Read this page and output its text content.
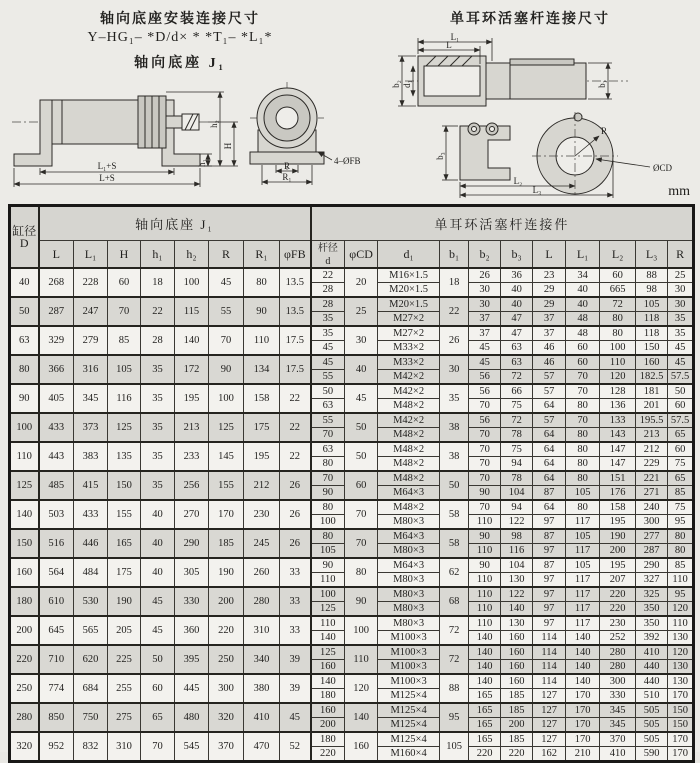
轴向底座安装连接尺寸
Y–HG₁– *D/d× * *T₁– *L₁*
轴向底座 J₁
L₁+S
L+S
h₁
h₂
H
R
R₁
4–ØFB
单耳环活塞杆连接尺寸
L₁
L
b₂ d₁	b₁
R
ØCD
b₃
L₂
L₃	mm
缸径
D	轴向底座 J₁								单耳环活塞杆连接件										
	L	L₁	H	h₁	h₂	R	R₁	φFB	杆径
d	φCD	d₁	b₁	b₂	b₃	L	L₁	L₂	L₃	R
40	268	228	60	18	100	45	80	13.5	22	20	M16×1.5	18	26	36	23	34	60	88	25
									28		M20×1.5		30	40	29	40	665	98	30
50	287	247	70	22	115	55	90	13.5	28	25	M20×1.5	22	30	40	29	40	72	105	30
									35		M27×2		37	47	37	48	80	118	35
63	329	279	85	28	140	70	110	17.5	35	30	M27×2	26	37	47	37	48	80	118	35
									45		M33×2		45	63	46	60	100	150	45
80	366	316	105	35	172	90	134	17.5	45	40	M33×2	30	45	63	46	60	110	160	45
									55		M42×2		56	72	57	70	120	182.5	57.5
90	405	345	116	35	195	100	158	22	50	45	M42×2	35	56	66	57	70	128	181	50
									63		M48×2		70	75	64	80	136	201	60
100	433	373	125	35	213	125	175	22	55	50	M42×2	38	56	72	57	70	133	195.5	57.5
									70		M48×2		70	78	64	80	143	213	65
110	443	383	135	35	233	145	195	22	63	50	M48×2	38	70	75	64	80	147	212	60
									80		M48×2		70	94	64	80	147	229	75
125	485	415	150	35	256	155	212	26	70	60	M48×2	50	70	78	64	80	151	221	65
									90		M64×3		90	104	87	105	176	271	85
140	503	433	155	40	270	170	230	26	80	70	M48×2	58	70	94	64	80	158	240	75
									100		M80×3		110	122	97	117	195	300	95
150	516	446	165	40	290	185	245	26	80	70	M64×3	58	90	98	87	105	190	277	80
									105		M80×3		110	116	97	117	200	287	80
160	564	484	175	40	305	190	260	33	90	80	M64×3	62	90	104	87	105	195	290	85
									110		M80×3		110	130	97	117	207	327	110
180	610	530	190	45	330	200	280	33	100	90	M80×3	68	110	122	97	117	220	325	95
									125		M80×3		110	140	97	117	220	350	120
200	645	565	205	45	360	220	310	33	110	100	M80×3	72	110	130	97	117	230	350	110
									140		M100×3		140	160	114	140	252	392	130
220	710	620	225	50	395	250	340	39	125	110	M100×3	72	140	160	114	140	280	410	120
									160		M100×3		140	160	114	140	280	440	130
250	774	684	255	60	445	300	380	39	140	120	M100×3	88	140	160	114	140	300	440	130
									180		M125×4		165	185	127	170	330	510	170
280	850	750	275	65	480	320	410	45	160	140	M125×4	95	165	185	127	170	345	505	150
									200		M125×4		165	200	127	170	345	505	150
320	952	832	310	70	545	370	470	52	180	160	M125×4	105	165	185	127	170	370	505	170
									220		M160×4		220	220	162	210	410	590	170
